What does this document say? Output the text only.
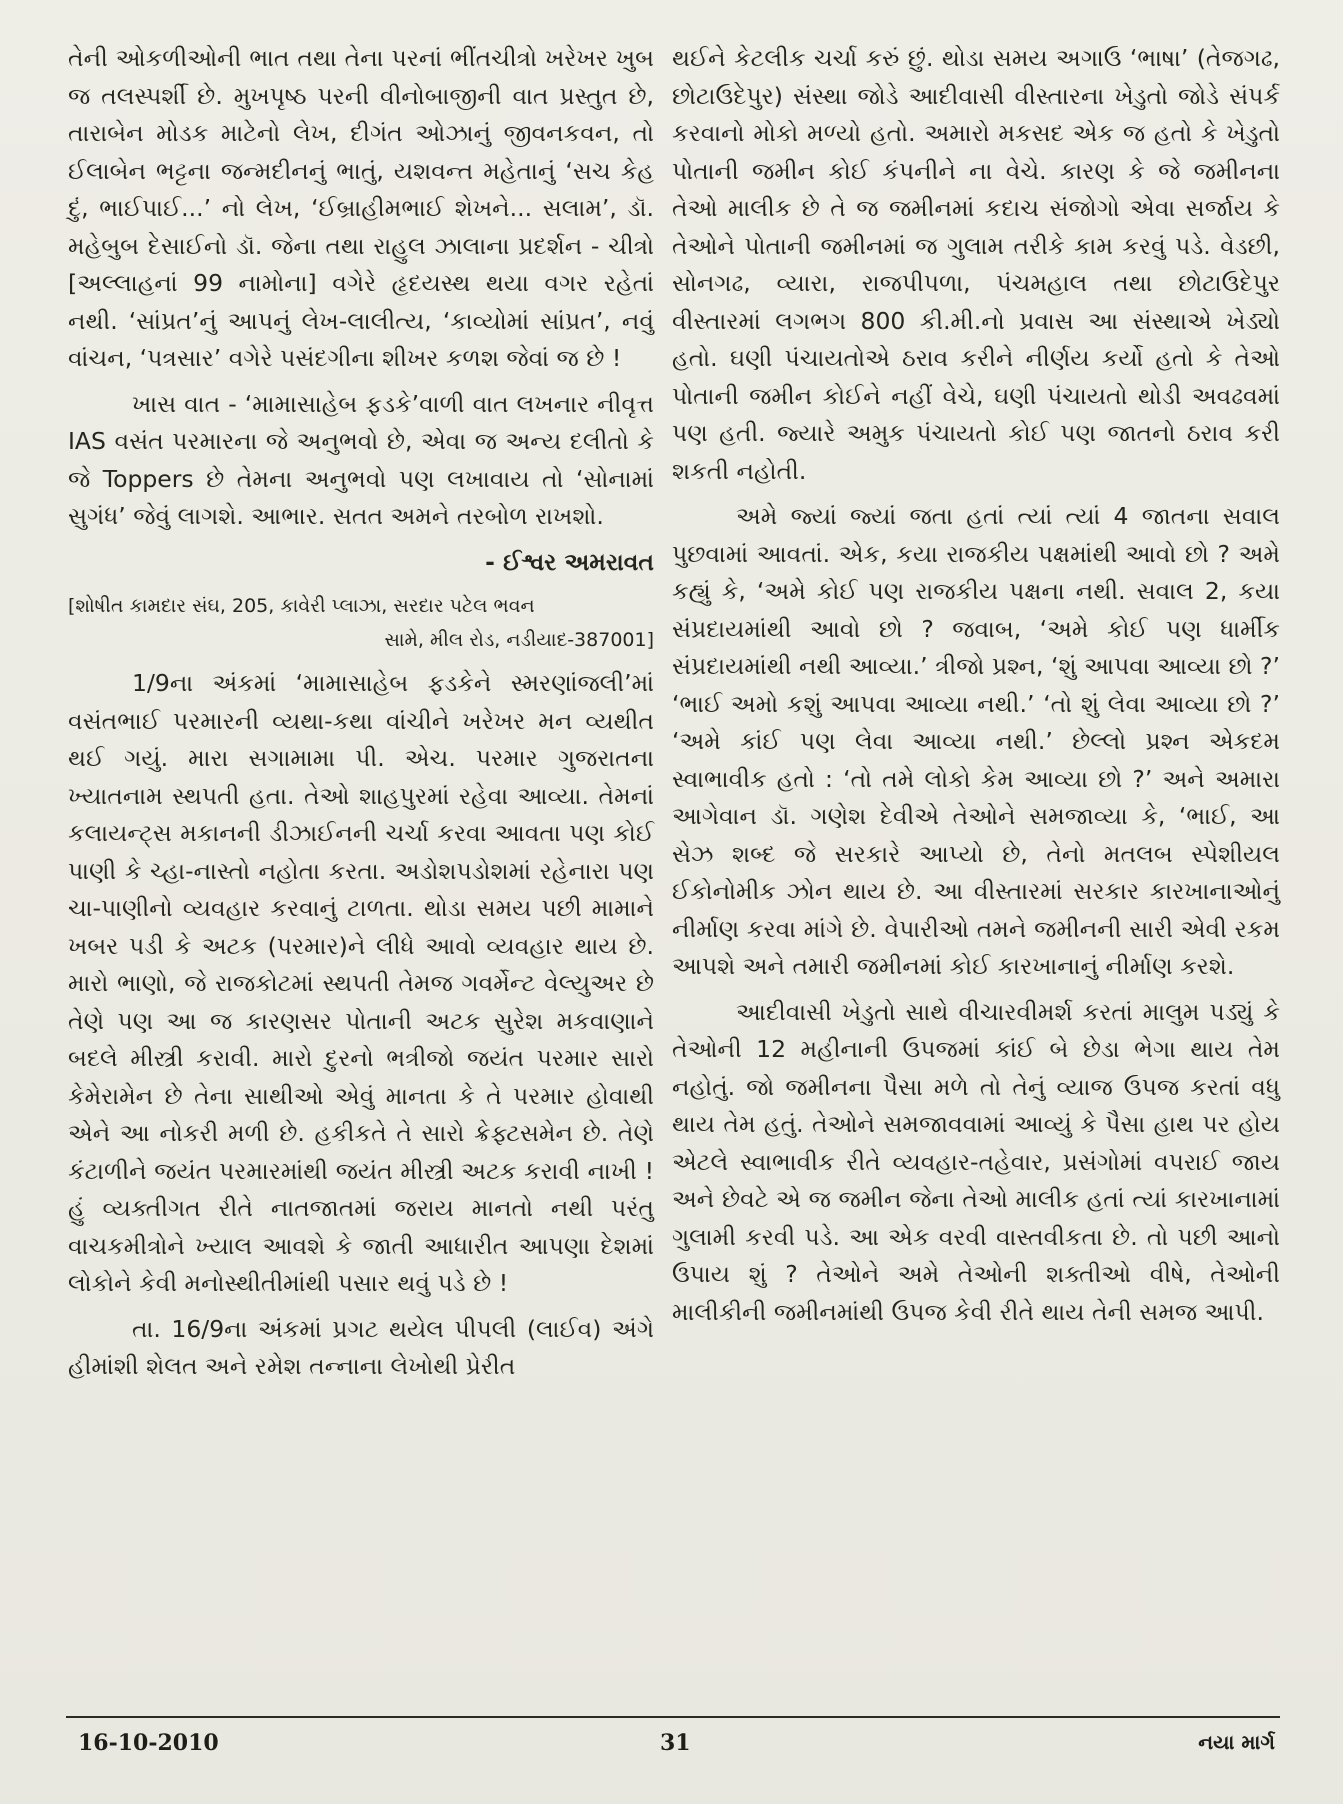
તેની ઓકળીઓની ભાત તથા તેના પરનાં ભીંતચીત્રો ખરેખર ખુબ જ તલસ્પર્શી છે. મુખપૃષ્ઠ પરની વીનોબાજીની વાત પ્રસ્તુત છે, તારાબેન મોડક માટેનો લેખ, દીગંત ઓઝાનું જીવનકવન, તો ઈલાબેન ભટ્ટના જન્મદીનનું ભાતું, યશવન્ત મહેતાનું ‘સચ કેહ દું, ભાઈપાઈ...’ નો લેખ, ‘ઈબ્રાહીમભાઈ શેખને... સલામ’, ડૉ. મહેબુબ દેસાઈનો ડૉ. જેના તથા રાહુલ ઝાલાના પ્રદર્શન - ચીત્રો [અલ્લાહનાં 99 નામોના] વગેરે હૃદયસ્થ થયા વગર રહેતાં નથી. ‘સાંપ્રત’નું આપનું લેખ-લાલીત્ય, ‘કાવ્યોમાં સાંપ્રત’, નવું વાંચન, ‘પત્રસાર’ વગેરે પસંદગીના શીખર કળશ જેવાં જ છે !

ખાસ વાત - ‘મામાસાહેબ ફડકે’વાળી વાત લખનાર નીવૃત્ત IAS વસંત પરમારના જે અનુભવો છે, એવા જ અન્ય દલીતો કે જે Toppers છે તેમના અનુભવો પણ લખાવાય તો ‘સોનામાં સુગંધ’ જેવું લાગશે. આભાર. સતત અમને તરબોળ રાખશો.

- ઈશ્વર અમરાવત

[શોષીત કામદાર સંઘ, 205, કાવેરી પ્લાઝા, સરદાર પટેલ ભવન
સામે, મીલ રોડ, નડીયાદ-387001]

1/9ના અંકમાં ‘મામાસાહેબ ફડકેને સ્મરણાંજલી’માં વસંતભાઈ પરમારની વ્યથા-કથા વાંચીને ખરેખર મન વ્યથીત થઈ ગયું. મારા સગામામા પી. એચ. પરમાર ગુજરાતના ખ્યાતનામ સ્થપતી હતા. તેઓ શાહપુરમાં રહેવા આવ્યા. તેમનાં કલાયન્ટ્સ મકાનની ડીઝાઈનની ચર્ચા કરવા આવતા પણ કોઈ પાણી કે ચ્હા-નાસ્તો નહોતા કરતા. અડોશપડોશમાં રહેનારા પણ ચા-પાણીનો વ્યવહાર કરવાનું ટાળતા. થોડા સમય પછી મામાને ખબર પડી કે અટક (પરમાર)ને લીધે આવો વ્યવહાર થાય છે. મારો ભાણો, જે રાજકોટમાં સ્થપતી તેમજ ગવર્મેન્ટ વેલ્યુઅર છે તેણે પણ આ જ કારણસર પોતાની અટક સુરેશ મકવાણાને બદલે મીસ્ત્રી કરાવી. મારો દુરનો ભત્રીજો જયંત પરમાર સારો કેમેરામેન છે તેના સાથીઓ એવું માનતા કે તે પરમાર હોવાથી એને આ નોકરી મળી છે. હકીકતે તે સારો ક્રેફ્ટસમેન છે. તેણે કંટાળીને જયંત પરમારમાંથી જયંત મીસ્ત્રી અટક કરાવી નાખી ! હું વ્યક્તીગત રીતે નાતજાતમાં જરાય માનતો નથી પરંતુ વાચકમીત્રોને ખ્યાલ આવશે કે જાતી આધારીત આપણા દેશમાં લોકોને કેવી મનોસ્થીતીમાંથી પસાર થવું પડે છે !

તા. 16/9ના અંકમાં પ્રગટ થયેલ પીપલી (લાઈવ) અંગે હીમાંશી શેલત અને રમેશ તન્નાના લેખોથી પ્રેરીત

થઈને કેટલીક ચર્ચા કરું છું. થોડા સમય અગાઉ ‘ભાષા’ (તેજગઢ, છોટાઉદેપુર) સંસ્થા જોડે આદીવાસી વીસ્તારના ખેડુતો જોડે સંપર્ક કરવાનો મોકો મળ્યો હતો. અમારો મકસદ એક જ હતો કે ખેડુતો પોતાની જમીન કોઈ કંપનીને ના વેચે. કારણ કે જે જમીનના તેઓ માલીક છે તે જ જમીનમાં કદાચ સંજોગો એવા સર્જાય કે તેઓને પોતાની જમીનમાં જ ગુલામ તરીકે કામ કરવું પડે. વેડછી, સોનગઢ, વ્યારા, રાજપીપળા, પંચમહાલ તથા છોટાઉદેપુર વીસ્તારમાં લગભગ 800 કી.મી.નો પ્રવાસ આ સંસ્થાએ ખેડ્યો હતો. ઘણી પંચાયતોએ ઠરાવ કરીને નીર્ણય કર્યો હતો કે તેઓ પોતાની જમીન કોઈને નહીં વેચે, ઘણી પંચાયતો થોડી અવઢવમાં પણ હતી. જ્યારે અમુક પંચાયતો કોઈ પણ જાતનો ઠરાવ કરી શકતી નહોતી.

અમે જ્યાં જ્યાં જતા હતાં ત્યાં ત્યાં 4 જાતના સવાલ પુછવામાં આવતાં. એક, કયા રાજકીય પક્ષમાંથી આવો છો ? અમે કહ્યું કે, ‘અમે કોઈ પણ રાજકીય પક્ષના નથી. સવાલ 2, કયા સંપ્રદાયમાંથી આવો છો ? જવાબ, ‘અમે કોઈ પણ ધાર્મીક સંપ્રદાયમાંથી નથી આવ્યા.’ ત્રીજો પ્રશ્ન, ‘શું આપવા આવ્યા છો ?’ ‘ભાઈ અમો કશું આપવા આવ્યા નથી.’ ‘તો શું લેવા આવ્યા છો ?’ ‘અમે કાંઈ પણ લેવા આવ્યા નથી.’ છેલ્લો પ્રશ્ન એકદમ સ્વાભાવીક હતો : ‘તો તમે લોકો કેમ આવ્યા છો ?’ અને અમારા આગેવાન ડૉ. ગણેશ દેવીએ તેઓને સમજાવ્યા કે, ‘ભાઈ, આ સેઝ શબ્દ જે સરકારે આપ્યો છે, તેનો મતલબ સ્પેશીયલ ઈકોનોમીક ઝોન થાય છે. આ વીસ્તારમાં સરકાર કારખાનાઓનું નીર્માણ કરવા માંગે છે. વેપારીઓ તમને જમીનની સારી એવી રકમ આપશે અને તમારી જમીનમાં કોઈ કારખાનાનું નીર્માણ કરશે.

આદીવાસી ખેડુતો સાથે વીચારવીમર્શ કરતાં માલુમ પડ્યું કે તેઓની 12 મહીનાની ઉપજમાં કાંઈ બે છેડા ભેગા થાય તેમ નહોતું. જો જમીનના પૈસા મળે તો તેનું વ્યાજ ઉપજ કરતાં વધુ થાય તેમ હતું. તેઓને સમજાવવામાં આવ્યું કે પૈસા હાથ પર હોય એટલે સ્વાભાવીક રીતે વ્યવહાર-તહેવાર, પ્રસંગોમાં વપરાઈ જાય અને છેવટે એ જ જમીન જેના તેઓ માલીક હતાં ત્યાં કારખાનામાં ગુલામી કરવી પડે. આ એક વરવી વાસ્તવીકતા છે. તો પછી આનો ઉપાય શું ? તેઓને અમે તેઓની શક્તીઓ વીષે, તેઓની માલીકીની જમીનમાંથી ઉપજ કેવી રીતે થાય તેની સમજ આપી.

16-10-2010	31	નયા માર્ગ
